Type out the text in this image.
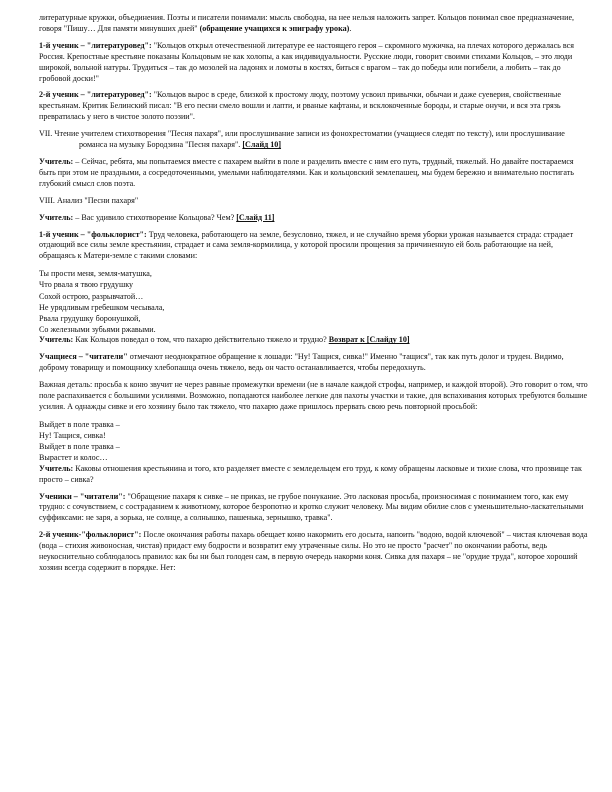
литературные кружки, объединения. Поэты и писатели понимали: мысль свободна, на нее нельзя наложить запрет. Кольцов понимал свое предназначение, говоря "Пишу… Для памяти минувших дней" (обращение учащихся к эпиграфу урока).

1-й ученик – "литературовед": "Кольцов открыл отечественной литературе ее настоящего героя – скромного мужичка, на плечах которого держалась вся Россия. Крепостные крестьяне показаны Кольцовым не как холопы, а как индивидуальности. Русские люди, говорит своими стихами Кольцов, – это люди широкой, вольной натуры. Трудиться – так до мозолей на ладонях и ломоты в костях, биться с врагом – так до победы или погибели, а любить – так до гробовой доски!"

2-й ученик – "литературовед": "Кольцов вырос в среде, близкой к простому люду, поэтому усвоил привычки, обычаи и даже суеверия, свойственные крестьянам. Критик Белинский писал: "В его песни смело вошли и лапти, и рваные кафтаны, и всклокоченные бороды, и старые онучи, и вся эта грязь превратилась у него в чистое золото поэзии".

VII. Чтение учителем стихотворения "Песня пахаря", или прослушивание записи из фонохрестоматии (учащиеся следят по тексту), или прослушивание романса на музыку Бородзина "Песня пахаря". [Слайд 10]

Учитель: – Сейчас, ребята, мы попытаемся вместе с пахарем выйти в поле и разделить вместе с ним его путь, трудный, тяжелый. Но давайте постараемся быть при этом не праздными, а сосредоточенными, умелыми наблюдателями. Как и кольцовский землепашец, мы будем бережно и внимательно постигать глубокий смысл слов поэта.

VIII. Анализ "Песни пахаря"

Учитель: – Вас удивило стихотворение Кольцова? Чем? [Слайд 11]

1-й ученик – "фольклорист": Труд человека, работающего на земле, безусловно, тяжел, и не случайно время уборки урожая называется страда: страдает отдающий все силы земле крестьянин, страдает и сама земля-кормилица, у которой просили прощения за причиненную ей боль работающие на ней, обращаясь к Матери-земле с такими словами:

Ты прости меня, земля-матушка,
Что рвала я твою грудушку
Сохой острою, разрывчатой…
Не урядливым гребешком чесывала,
Рвала грудушку боронушкой,
Со железными зубьями ржавыми.

Учитель: Как Кольцов поведал о том, что пахарю действительно тяжело и трудно? Возврат к [Слайду 10]

Учащиеся – "читатели" отмечают неоднократное обращение к лошади: "Ну! Тащися, сивка!" Именно "тащися", так как путь долог и труден. Видимо, доброму товарищу и помощнику хлебопашца очень тяжело, ведь он часто останавливается, чтобы передохнуть.

Важная деталь: просьба к коню звучит не через равные промежутки времени (не в начале каждой строфы, например, и каждой второй). Это говорит о том, что поле распахивается с большими усилиями. Возможно, попадаются наиболее легкие для пахоты участки и такие, для вспахивания которых требуются большие усилия. А однажды сивке и его хозяину было так тяжело, что пахарю даже пришлось прервать свою речь повторной просьбой:

Выйдет в поле травка –
Ну! Тащися, сивка!
Выйдет в поле травка –
Вырастет и колос…

Учитель: Каковы отношения крестьянина и того, кто разделяет вместе с земледельцем его труд, к кому обращены ласковые и тихие слова, что прозвище так просто – сивка?

Ученики – "читатели": "Обращение пахаря к сивке – не приказ, не грубое понукание. Это ласковая просьба, произносимая с пониманием того, как ему трудно: с сочувствием, с состраданием к животному, которое безропотно и кротко служит человеку. Мы видим обилие слов с уменьшительно-ласкательными суффиксами: не заря, а зорька, не солнце, а солнышко, пашенька, зернышко, травка".

2-й ученик-"фольклорист": После окончания работы пахарь обещает коню накормить его досыта, напоить "водою, водой ключевой" – чистая ключевая вода (вода – стихия живоносная, чистая) придаст ему бодрости и возвратит ему утраченные силы. Но это не просто "расчет" по окончании работы, ведь неукоснительно соблюдалось правило: как бы ни был голоден сам, в первую очередь накорми коня. Сивка для пахаря – не "орудие труда", которое хороший хозяин всегда содержит в порядке. Нет:
